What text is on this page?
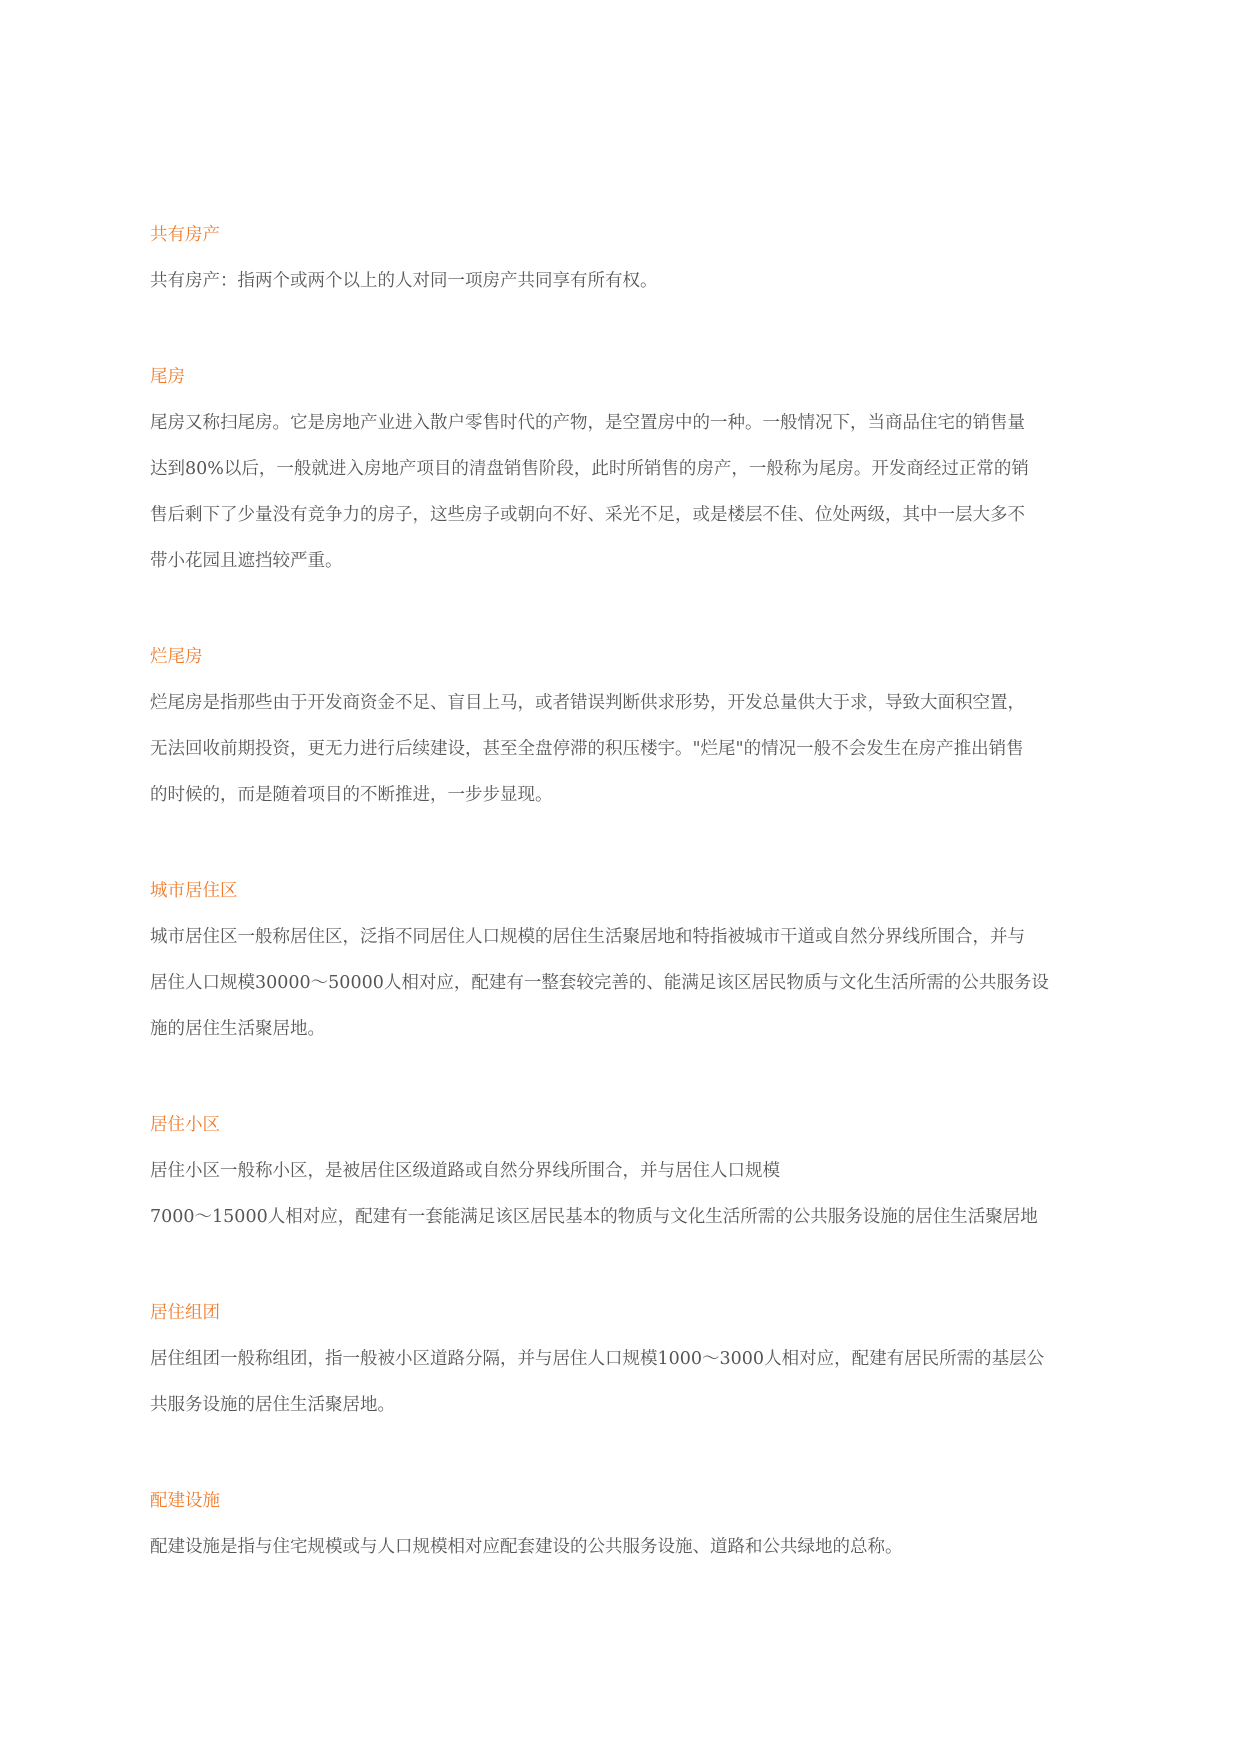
共有房产

共有房产：指两个或两个以上的人对同一项房产共同享有所有权。

尾房

尾房又称扫尾房。它是房地产业进入散户零售时代的产物，是空置房中的一种。一般情况下，当商品住宅的销售量
达到80%以后，一般就进入房地产项目的清盘销售阶段，此时所销售的房产，一般称为尾房。开发商经过正常的销
售后剩下了少量没有竞争力的房子，这些房子或朝向不好、采光不足，或是楼层不佳、位处两级，其中一层大多不
带小花园且遮挡较严重。

烂尾房

烂尾房是指那些由于开发商资金不足、盲目上马，或者错误判断供求形势，开发总量供大于求，导致大面积空置，
无法回收前期投资，更无力进行后续建设，甚至全盘停滞的积压楼宇。"烂尾"的情况一般不会发生在房产推出销售
的时候的，而是随着项目的不断推进，一步步显现。

城市居住区

城市居住区一般称居住区，泛指不同居住人口规模的居住生活聚居地和特指被城市干道或自然分界线所围合，并与
居住人口规模30000～50000人相对应，配建有一整套较完善的、能满足该区居民物质与文化生活所需的公共服务设
施的居住生活聚居地。

居住小区

居住小区一般称小区，是被居住区级道路或自然分界线所围合，并与居住人口规模
7000～15000人相对应，配建有一套能满足该区居民基本的物质与文化生活所需的公共服务设施的居住生活聚居地

居住组团

居住组团一般称组团，指一般被小区道路分隔，并与居住人口规模1000～3000人相对应，配建有居民所需的基层公
共服务设施的居住生活聚居地。

配建设施

配建设施是指与住宅规模或与人口规模相对应配套建设的公共服务设施、道路和公共绿地的总称。
